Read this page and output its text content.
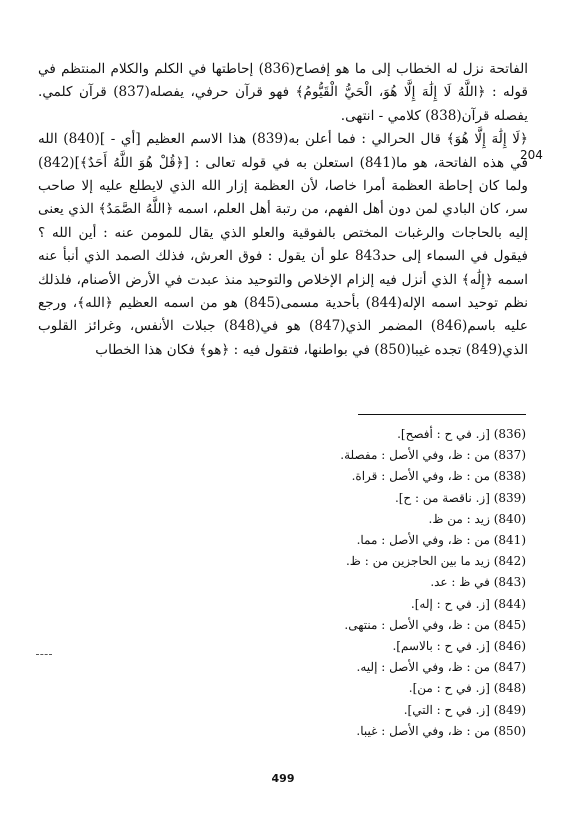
204

الفاتحة نزل له الخطاب إلى ما هو إفصاح(836) إحاطتها في الكلم والكلام المنتظم في قوله : ﴿اللَّهُ لَا إِلَٰهَ إِلَّا هُوَ، الْحَيُّ الْقَيُّومُ﴾ فهو قرآن حرفي، يفصله(837) قرآن كلمي. يفصله قرآن(838) كلامي - انتهى.

﴿لَا إِلَٰهَ إِلَّا هُوَ﴾ قال الحرالي : فما أعلن به(839) هذا الاسم العظيم [أي - ](840) الله في هذه الفاتحة، هو ما(841) استعلن به في قوله تعالى : [﴿قُلْ هُوَ اللَّهُ أَحَدٌ﴾](842) ولما كان إحاطة العظمة أمرا خاصا، لأن العظمة إزار الله الذي لايطلع عليه إلا صاحب سر، كان البادي لمن دون أهل الفهم، من رتبة أهل العلم، اسمه ﴿اللَّهُ الصَّمَدُ﴾ الذي يعنى إليه بالحاجات والرغبات المختص بالفوقية والعلو الذي يقال للمومن عنه : أين الله ؟ فيقول في السماء إلى حد843 علو أن يقول : فوق العرش، فذلك الصمد الذي أنبأ عنه اسمه ﴿إِلَٰه﴾ الذي أنزل فيه إلزام الإخلاص والتوحيد منذ عبدت في الأرض الأصنام، فلذلك نظم توحيد اسمه الإله(844) بأحدية مسمى(845) هو من اسمه العظيم ﴿الله﴾، ورجع عليه باسم(846) المضمر الذي(847) هو في(848) جبلات الأنفس، وغرائز القلوب الذي(849) تجده غيبا(850) في بواطنها، فتقول فيه : ﴿هو﴾ فكان هذا الخطاب

(836) [ز. في ح : أفصح].
(837) من : ظ، وفي الأصل : مفصلة.
(838) من : ظ، وفي الأصل : قراة.
(839) [ز. ناقصة من : ح].
(840) زيد : من ظ.
(841) من : ظ، وفي الأصل : مما.
(842) زيد ما بين الحاجزين من : ظ.
(843) في ظ : عد.
(844) [ز. في ح : إله].
(845) من : ظ، وفي الأصل : منتهى.
(846) [ز. في ح : بالاسم].
(847) من : ظ، وفي الأصل : إليه.
(848) [ز. في ح : من].
(849) [ز. في ح : التي].
(850) من : ظ، وفي الأصل : غيبا.
499
